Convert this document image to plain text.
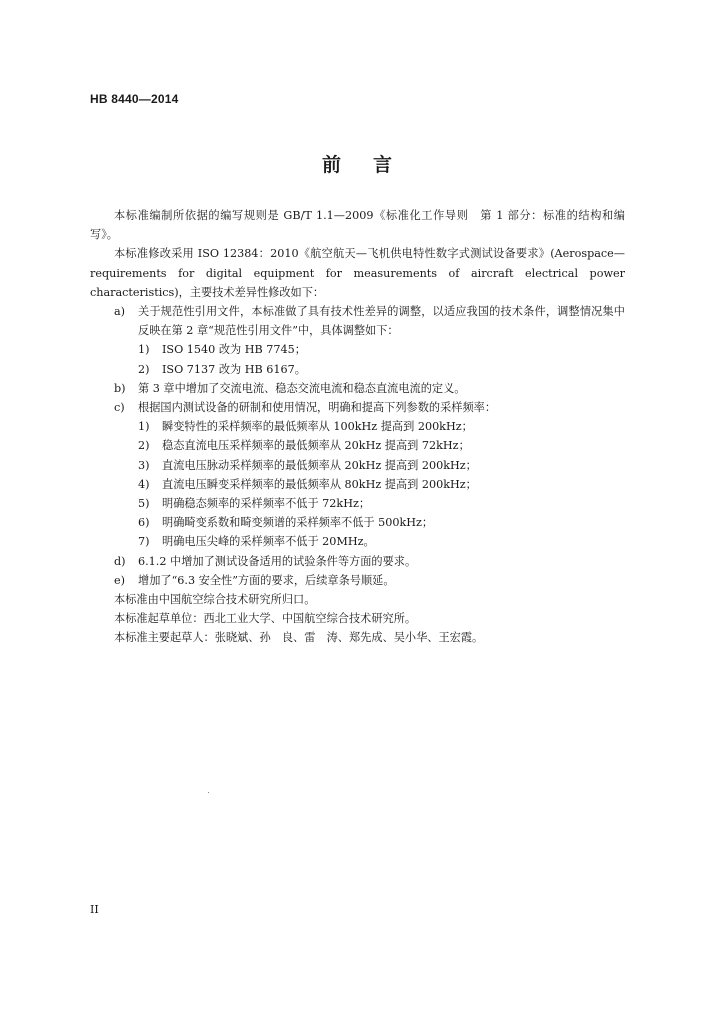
HB 8440—2014
前言

本标准编制所依据的编写规则是 GB/T 1.1—2009《标准化工作导则　第 1 部分：标准的结构和编写》。

本标准修改采用 ISO 12384：2010《航空航天—飞机供电特性数字式测试设备要求》(Aerospace—requirements for digital equipment for measurements of aircraft electrical power characteristics)，主要技术差异性修改如下：

a) 关于规范性引用文件，本标准做了具有技术性差异的调整，以适应我国的技术条件，调整情况集中反映在第 2 章“规范性引用文件”中，具体调整如下：
1) ISO 1540 改为 HB 7745；
2) ISO 7137 改为 HB 6167。
b) 第 3 章中增加了交流电流、稳态交流电流和稳态直流电流的定义。
c) 根据国内测试设备的研制和使用情况，明确和提高下列参数的采样频率：
1) 瞬变特性的采样频率的最低频率从 100kHz 提高到 200kHz；
2) 稳态直流电压采样频率的最低频率从 20kHz 提高到 72kHz；
3) 直流电压脉动采样频率的最低频率从 20kHz 提高到 200kHz；
4) 直流电压瞬变采样频率的最低频率从 80kHz 提高到 200kHz；
5) 明确稳态频率的采样频率不低于 72kHz；
6) 明确畸变系数和畸变频谱的采样频率不低于 500kHz；
7) 明确电压尖峰的采样频率不低于 20MHz。
d) 6.1.2 中增加了测试设备适用的试验条件等方面的要求。
e) 增加了“6.3 安全性”方面的要求，后续章条号顺延。

本标准由中国航空综合技术研究所归口。

本标准起草单位：西北工业大学、中国航空综合技术研究所。

本标准主要起草人：张晓斌、孙　良、雷　涛、郑先成、吴小华、王宏霞。

II
